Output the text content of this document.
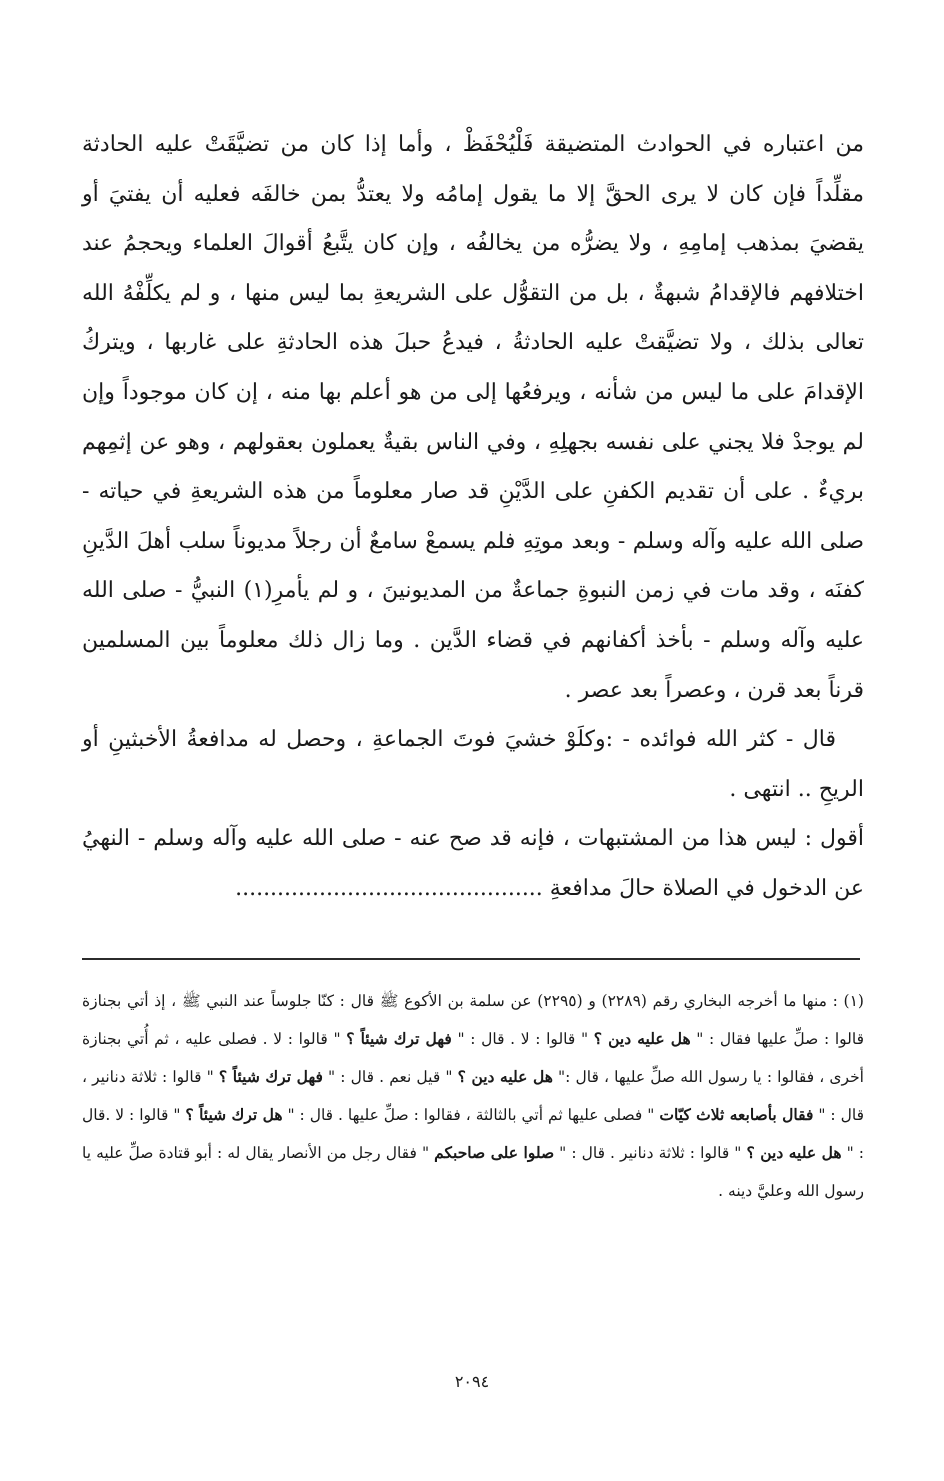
من اعتباره في الحوادث المتضيقة فَلْيُحْفَظْ ، وأما إذا كان من تضيَّقَتْ عليه الحادثة مقلِّداً فإن كان لا يرى الحقَّ إلا ما يقول إمامُه ولا يعتدُّ بمن خالفَه فعليه أن يفتيَ أو يقضيَ بمذهب إمامِهِ ، ولا يضرُّه من يخالفُه ، وإن كان يتَّبعُ أقوالَ العلماء ويحجمُ عند اختلافهم فالإقدامُ شبهةٌ ، بل من التقوُّل على الشريعةِ بما ليس منها ، و لم يكلِّفْهُ الله تعالى بذلك ، ولا تضيَّقتْ عليه الحادثةُ ، فيدعُ حبلَ هذه الحادثةِ على غاربها ، ويتركُ الإقدامَ على ما ليس من شأنه ، ويرفعُها إلى من هو أعلم بها منه ، إن كان موجوداً وإن لم يوجدْ فلا يجني على نفسه بجهلِهِ ، وفي الناس بقيةٌ يعملون بعقولهم ، وهو عن إثمِهم بريءٌ . على أن تقديم الكفنِ على الدَّيْنِ قد صار معلوماً من هذه الشريعةِ في حياته - صلى الله عليه وآله وسلم - وبعد موتِهِ فلم يسمعْ سامعٌ أن رجلاً مديوناً سلب أهلَ الدَّينِ كفنَه ، وقد مات في زمن النبوةِ جماعةٌ من المديونينَ ، و لم يأمرِ(١) النبيُّ - صلى الله عليه وآله وسلم - بأخذ أكفانهم في قضاء الدَّين . وما زال ذلك معلوماً بين المسلمين قرناً بعد قرن ، وعصراً بعد عصر .

قال - كثر الله فوائده - :وكلَوْ خشيَ فوتَ الجماعةِ ، وحصل له مدافعةُ الأخبثينِ أو الريحِ .. انتهى .

أقول : ليس هذا من المشتبهات ، فإنه قد صح عنه - صلى الله عليه وآله وسلم - النهيُ عن الدخول في الصلاة حالَ مدافعةِ ............................................

(١) : منها ما أخرجه البخاري رقم (٢٢٨٩) و (٢٢٩٥) عن سلمة بن الأكوع ﷺ قال : كنّا جلوساً عند النبي ﷺ ، إذ أتي بجنازة قالوا : صلِّ عليها فقال : " هل عليه دين ؟ " قالوا : لا . قال : " فهل ترك شيئاً ؟ " قالوا : لا . فصلى عليه ، ثم أُتي بجنازة أخرى ، فقالوا : يا رسول الله صلِّ عليها ، قال :" هل عليه دين ؟ " قيل نعم . قال : " فهل ترك شيئاً ؟ " قالوا : ثلاثة دنانير ، قال : " فقال بأصابعه ثلاث كيّات " فصلى عليها ثم أتي بالثالثة ، فقالوا : صلِّ عليها . قال : " هل ترك شيئاً ؟ " قالوا : لا .قال : " هل عليه دين ؟ " قالوا : ثلاثة دنانير . قال : " صلوا على صاحبكم " فقال رجل من الأنصار يقال له : أبو قتادة صلِّ عليه يا رسول الله وعليَّ دينه .

٢٠٩٤
